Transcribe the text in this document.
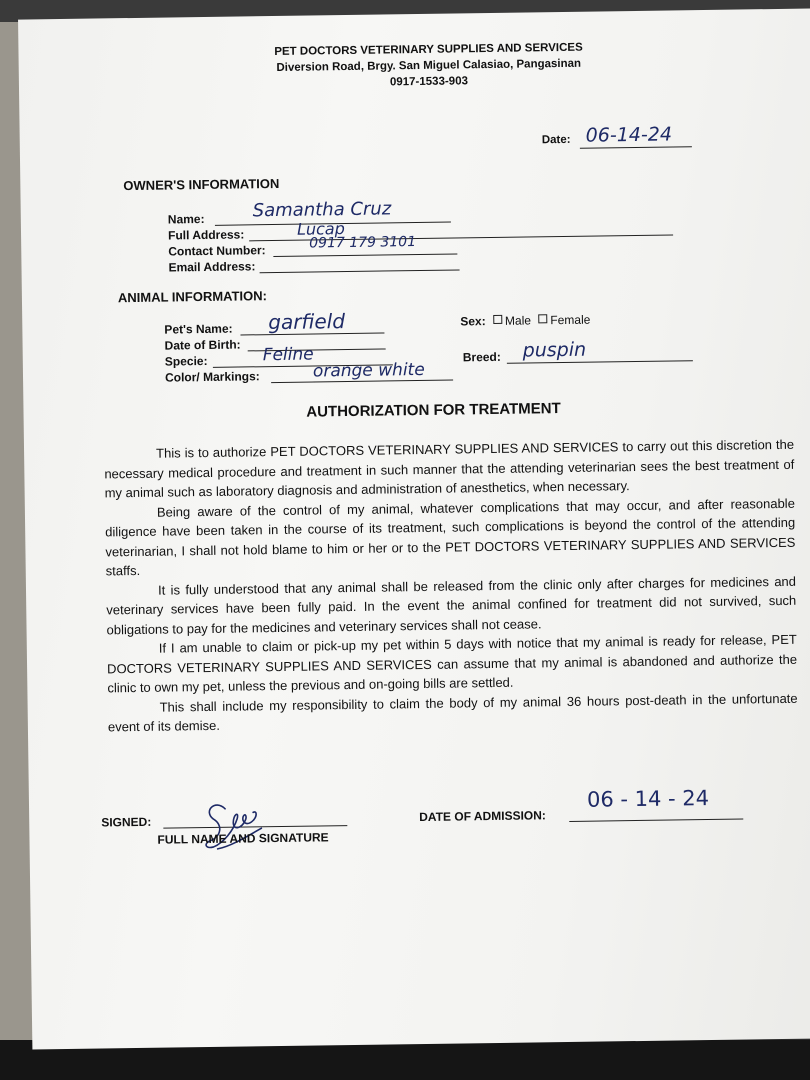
PET DOCTORS VETERINARY SUPPLIES AND SERVICES
Diversion Road, Brgy. San Miguel Calasiao, Pangasinan
0917-1533-903
Date: 06-14-24
OWNER'S INFORMATION
Name:	Samantha Cruz
Full Address:	Lucap
Contact Number:	0917 179 3101
Email Address:
ANIMAL INFORMATION:
Pet's Name: garfield
Date of Birth:
Specie:	Feline
Color/ Markings:	orange white
Sex: Male Female
Breed: puspin
AUTHORIZATION FOR TREATMENT

This is to authorize PET DOCTORS VETERINARY SUPPLIES AND SERVICES to carry out this discretion the necessary medical procedure and treatment in such manner that the attending veterinarian sees the best treatment of my animal such as laboratory diagnosis and administration of anesthetics, when necessary.

Being aware of the control of my animal, whatever complications that may occur, and after reasonable diligence have been taken in the course of its treatment, such complications is beyond the control of the attending veterinarian, I shall not hold blame to him or her or to the PET DOCTORS VETERINARY SUPPLIES AND SERVICES staffs.

It is fully understood that any animal shall be released from the clinic only after charges for medicines and veterinary services have been fully paid. In the event the animal confined for treatment did not survived, such obligations to pay for the medicines and veterinary services shall not cease.

If I am unable to claim or pick-up my pet within 5 days with notice that my animal is ready for release, PET DOCTORS VETERINARY SUPPLIES AND SERVICES can assume that my animal is abandoned and authorize the clinic to own my pet, unless the previous and on-going bills are settled.

This shall include my responsibility to claim the body of my animal 36 hours post-death in the unfortunate event of its demise.

SIGNED:
FULL NAME AND SIGNATURE
DATE OF ADMISSION:
06 - 14 - 24
